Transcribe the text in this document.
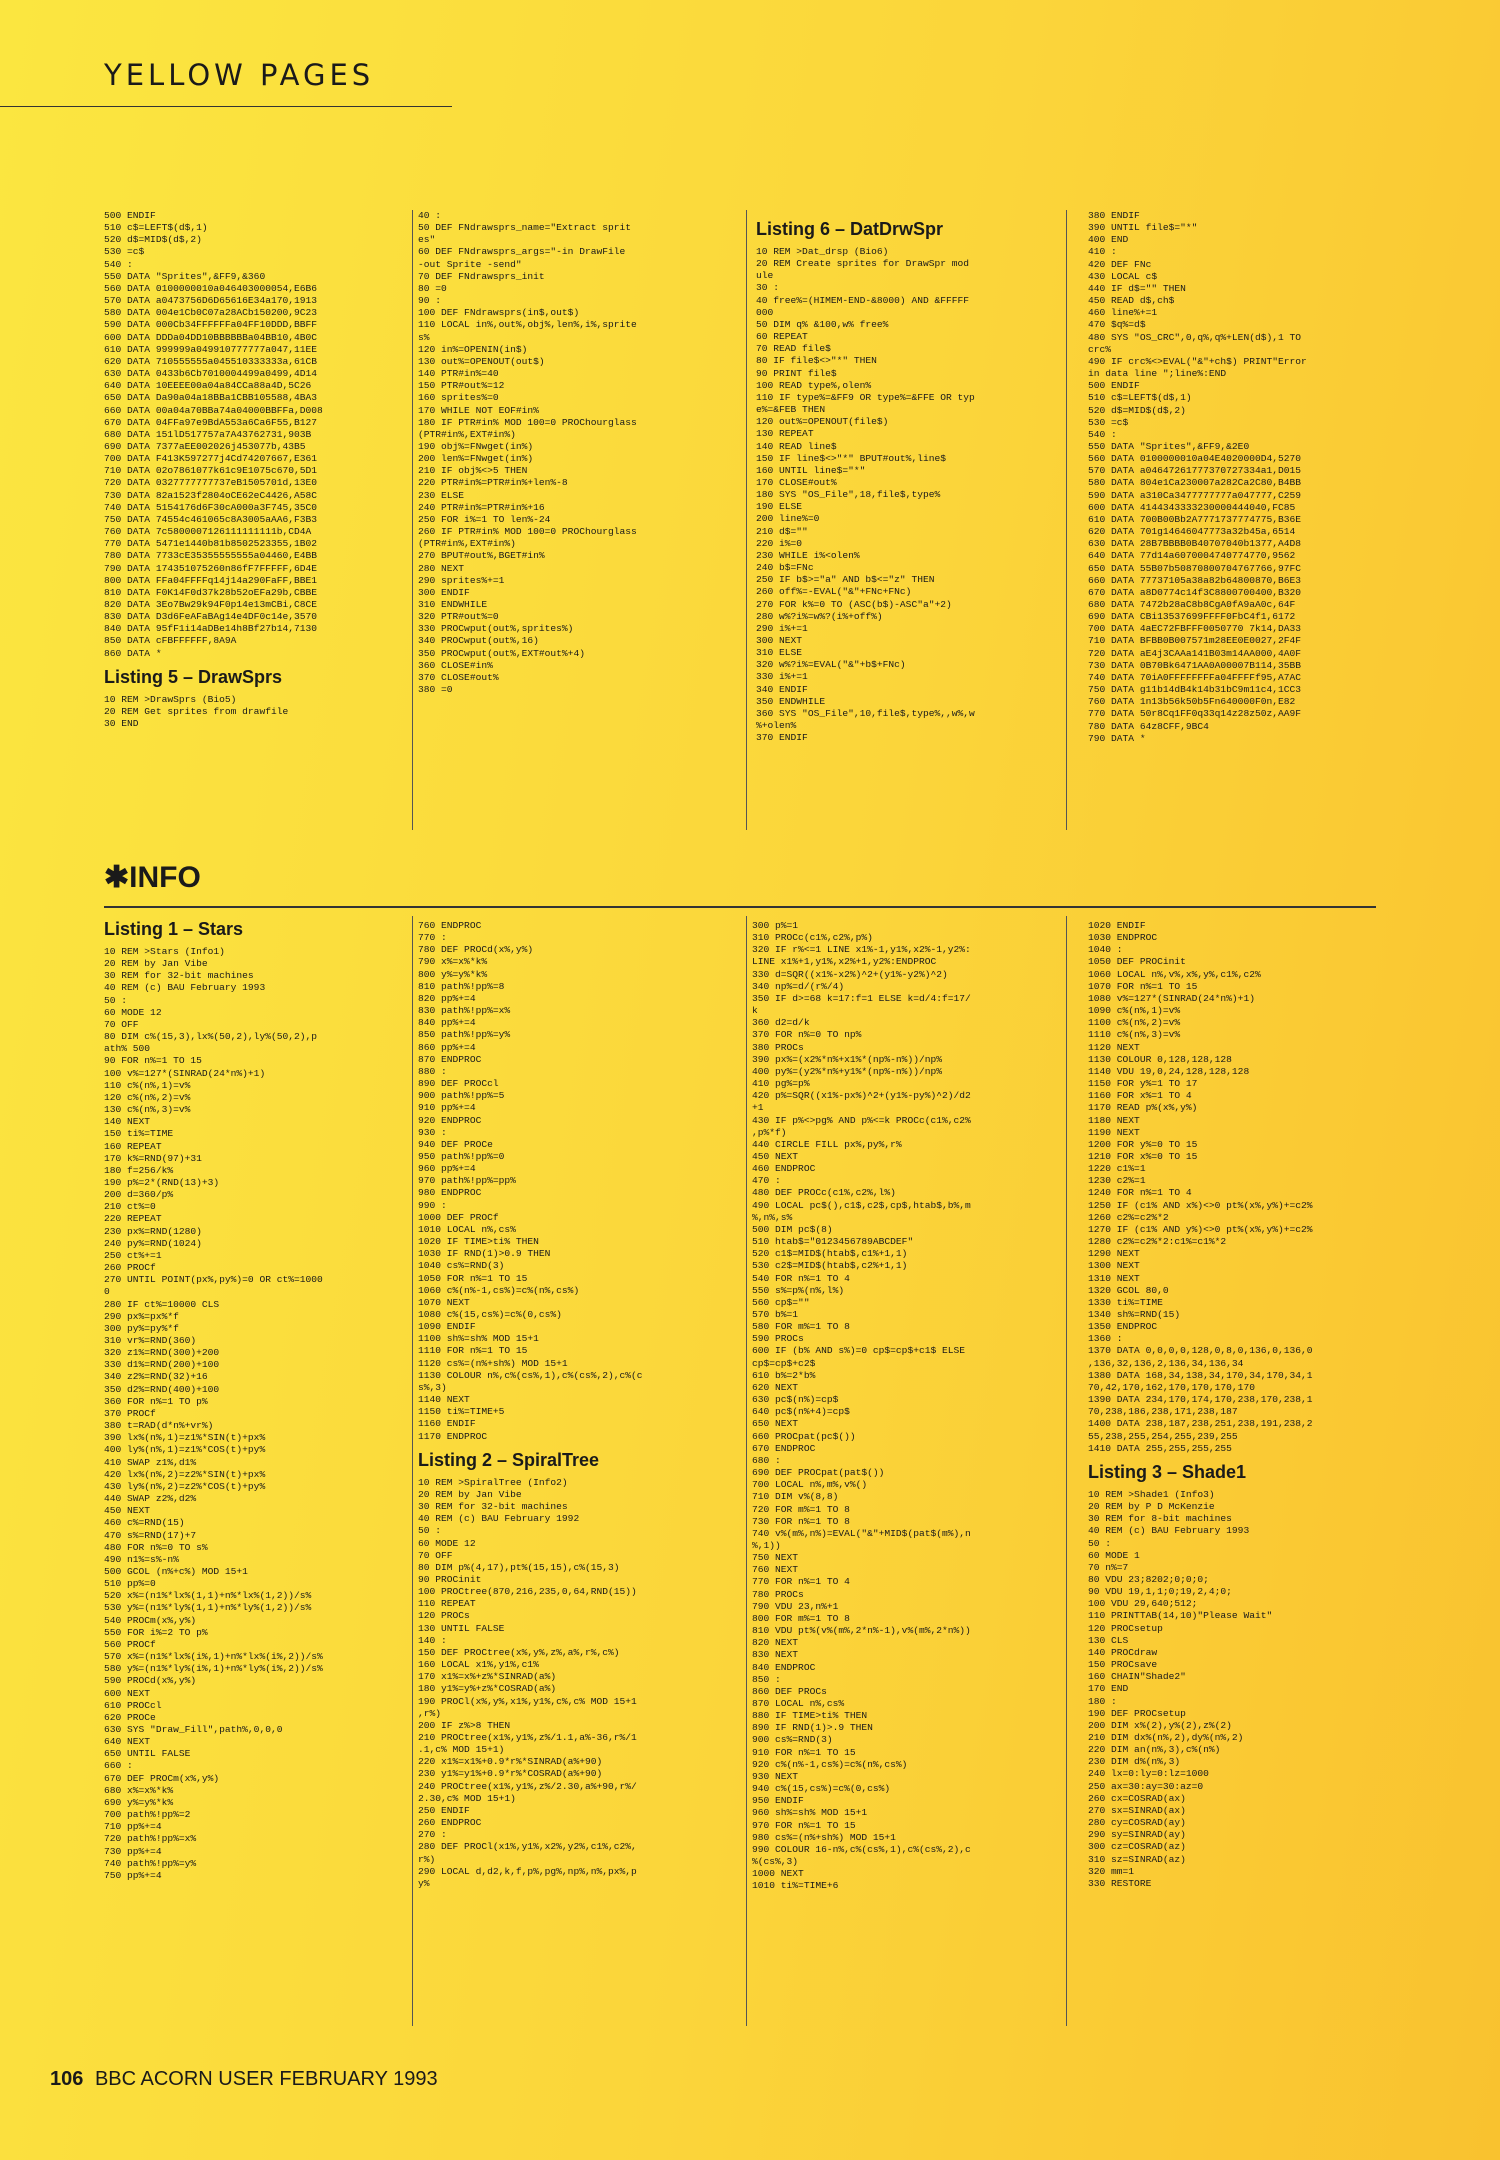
YELLOW PAGES
500 ENDIF
510 c$=LEFT$(d$,1)
520 d$=MID$(d$,2)
530 =c$
540 :
550 DATA "Sprites",&FF9,&360
560 DATA 0100000010a046403000054,E6B6
570 DATA a0473756D6D65616E34a170,1913
580 DATA 004e1Cb0C07a28ACb150200,9C23
590 DATA 000Cb34FFFFFFa04FF10DDD,BBFF
600 DATA DDDa04DD10BBBBBBa04BB10,4B0C
610 DATA 999999a049910777777a047,11EE
620 DATA 710555555a045510333333a,61CB
630 DATA 0433b6Cb7010004499a0499,4D14
640 DATA 10EEEE00a04a84CCa88a4D,5C26
650 DATA Da90a04a18BBa1CBB105588,4BA3
660 DATA 00a04a70BBa74a04000BBFFa,D008
670 DATA 04FFa97e9BdA553a6Ca6F55,B127
680 DATA 151lD517757a7A43762731,903B
690 DATA 7377aEE002026j453077b,43B5
700 DATA F413K597277j4Cd74207667,E361
710 DATA 02o7861077k61c9E1075c670,5D1
720 DATA 0327777777737eB1505701d,13E0
730 DATA 82a1523f2804oCE62eC4426,A58C
740 DATA 5154176d6F30cA000a3F745,35C0
750 DATA 74554c461065c8A3005aAA6,F3B3
760 DATA 7c5800007126111111111b,CD4A
770 DATA 5471e1440b81b8502523355,1B02
780 DATA 7733cE35355555555a04460,E4BB
790 DATA 174351075260n86fF7FFFFF,6D4E
800 DATA FFa04FFFFq14j14a290FaFF,BBE1
810 DATA F0K14F0d37k28b52oEFa29b,CBBE
820 DATA 3Eo7Bw29k94F0p14e13mCBi,C8CE
830 DATA D3d6FeAFaBAg14e4DF0c14e,3570
840 DATA 95fF1i14aDBe14h8Bf27b14,7130
850 DATA cFBFFFFFF,8A9A
860 DATA *
Listing 5 – DrawSprs
10 REM >DrawSprs (Bio5)
20 REM Get sprites from drawfile
30 END
40 :
50 DEF FNdrawsprs_name="Extract sprit
es"
60 DEF FNdrawsprs_args="-in DrawFile
-out Sprite -send"
70 DEF FNdrawsprs_init
80 =0
90 :
100 DEF FNdrawsprs(in$,out$)
110 LOCAL in%,out%,obj%,len%,i%,sprite
s%
120 in%=OPENIN(in$)
130 out%=OPENOUT(out$)
140 PTR#in%=40
150 PTR#out%=12
160 sprites%=0
170 WHILE NOT EOF#in%
180 IF PTR#in% MOD 100=0 PROChourglass
(PTR#in%,EXT#in%)
190 obj%=FNwget(in%)
200 len%=FNwget(in%)
210 IF obj%<>5 THEN
220 PTR#in%=PTR#in%+len%-8
230 ELSE
240 PTR#in%=PTR#in%+16
250 FOR i%=1 TO len%-24
260 IF PTR#in% MOD 100=0 PROChourglass
(PTR#in%,EXT#in%)
270 BPUT#out%,BGET#in%
280 NEXT
290 sprites%+=1
300 ENDIF
310 ENDWHILE
320 PTR#out%=0
330 PROCwput(out%,sprites%)
340 PROCwput(out%,16)
350 PROCwput(out%,EXT#out%+4)
360 CLOSE#in%
370 CLOSE#out%
380 =0
Listing 6 – DatDrwSpr
10 REM >Dat_drsp (Bio6)
20 REM Create sprites for DrawSpr mod
ule
30 :
40 free%=(HIMEM-END-&8000) AND &FFFFF
000
50 DIM q% &100,w% free%
60 REPEAT
70 READ file$
80 IF file$<>"*" THEN
90 PRINT file$
100 READ type%,olen%
110 IF type%=&FF9 OR type%=&FFE OR typ
e%=&FEB THEN
120 out%=OPENOUT(file$)
130 REPEAT
140 READ line$
150 IF line$<>"*" BPUT#out%,line$
160 UNTIL line$="*"
170 CLOSE#out%
180 SYS "OS_File",18,file$,type%
190 ELSE
200 line%=0
210 d$=""
220 i%=0
230 WHILE i%<olen%
240 b$=FNc
250 IF b$>="a" AND b$<="z" THEN
260 off%=-EVAL("&"+FNc+FNc)
270 FOR k%=0 TO (ASC(b$)-ASC"a"+2)
280 w%?i%=w%?(i%+off%)
290 i%+=1
300 NEXT
310 ELSE
320 w%?i%=EVAL("&"+b$+FNc)
330 i%+=1
340 ENDIF
350 ENDWHILE
360 SYS "OS_File",10,file$,type%,,w%,w
%+olen%
370 ENDIF
380 ENDIF
390 UNTIL file$="*"
400 END
410 :
420 DEF FNc
430 LOCAL c$
440 IF d$="" THEN
450 READ d$,ch$
460 line%+=1
470 $q%=d$
480 SYS "OS_CRC",0,q%,q%+LEN(d$),1 TO
crc%
490 IF crc%<>EVAL("&"+ch$) PRINT"Error
in data line ";line%:END
500 ENDIF
510 c$=LEFT$(d$,1)
520 d$=MID$(d$,2)
530 =c$
540 :
550 DATA "Sprites",&FF9,&2E0
560 DATA 0100000010a04E4020000D4,5270
570 DATA a04647261777370727334a1,D015
580 DATA 804e1Ca230007a282Ca2C80,B4BB
590 DATA a310Ca3477777777a047777,C259
600 DATA 4144343333230000444040,FC85
610 DATA 700B00Bb2A7771737774775,B36E
620 DATA 701g14646047773a32b45a,6514
630 DATA 28B7BBBB0B40707040b1377,A4D8
640 DATA 77d14a6070004740774770,9562
650 DATA 55B07b50870800704767766,97FC
660 DATA 77737105a38a82b64800870,B6E3
670 DATA a8D0774c14f3C8800700400,B320
680 DATA 7472b28aC8b8CgA0fA9aA0c,64F
690 DATA CBi13537699FFFF0FbC4f1,6172
700 DATA 4aEC72FBFFF0050770 7k14,DA33
710 DATA BFBB0B007571m28EE0E0027,2F4F
720 DATA aE4j3CAAa141B03m14AA000,4A0F
730 DATA 0B70Bk6471AA0A00007B114,35BB
740 DATA 70iA0FFFFFFFFa04FFFFf95,A7AC
750 DATA g11b14dB4k14b31bC9m11c4,1CC3
760 DATA 1n13b56k50b5Fn640000F0n,E82
770 DATA 50r8Cq1FF0q33q14z28z50z,AA9F
780 DATA 64z8CFF,9BC4
790 DATA *
✱INFO
Listing 1 – Stars
10 REM >Stars (Info1)
20 REM by Jan Vibe
30 REM for 32-bit machines
40 REM (c) BAU February 1993
50 :
60 MODE 12
70 OFF
80 DIM c%(15,3),lx%(50,2),ly%(50,2),p
ath% 500
90 FOR n%=1 TO 15
100 v%=127*(SINRAD(24*n%)+1)
110 c%(n%,1)=v%
120 c%(n%,2)=v%
130 c%(n%,3)=v%
140 NEXT
150 ti%=TIME
160 REPEAT
170 k%=RND(97)+31
180 f=256/k%
190 p%=2*(RND(13)+3)
200 d=360/p%
210 ct%=0
220 REPEAT
230 px%=RND(1280)
240 py%=RND(1024)
250 ct%+=1
260 PROCf
270 UNTIL POINT(px%,py%)=0 OR ct%=1000
0
280 IF ct%=10000 CLS
290 px%=px%*f
300 py%=py%*f
310 vr%=RND(360)
320 z1%=RND(300)+200
330 d1%=RND(200)+100
340 z2%=RND(32)+16
350 d2%=RND(400)+100
360 FOR n%=1 TO p%
370 PROCf
380 t=RAD(d*n%+vr%)
390 lx%(n%,1)=z1%*SIN(t)+px%
400 ly%(n%,1)=z1%*COS(t)+py%
410 SWAP z1%,d1%
420 lx%(n%,2)=z2%*SIN(t)+px%
430 ly%(n%,2)=z2%*COS(t)+py%
440 SWAP z2%,d2%
450 NEXT
460 c%=RND(15)
470 s%=RND(17)+7
480 FOR n%=0 TO s%
490 n1%=s%-n%
500 GCOL (n%+c%) MOD 15+1
510 pp%=0
520 x%=(n1%*lx%(1,1)+n%*lx%(1,2))/s%
530 y%=(n1%*ly%(1,1)+n%*ly%(1,2))/s%
540 PROCm(x%,y%)
550 FOR i%=2 TO p%
560 PROCf
570 x%=(n1%*lx%(i%,1)+n%*lx%(i%,2))/s%
580 y%=(n1%*ly%(i%,1)+n%*ly%(i%,2))/s%
590 PROCd(x%,y%)
600 NEXT
610 PROCcl
620 PROCe
630 SYS "Draw_Fill",path%,0,0,0
640 NEXT
650 UNTIL FALSE
660 :
670 DEF PROCm(x%,y%)
680 x%=x%*k%
690 y%=y%*k%
700 path%!pp%=2
710 pp%+=4
720 path%!pp%=x%
730 pp%+=4
740 path%!pp%=y%
750 pp%+=4
760 ENDPROC
770 :
780 DEF PROCd(x%,y%)
790 x%=x%*k%
800 y%=y%*k%
810 path%!pp%=8
820 pp%+=4
830 path%!pp%=x%
840 pp%+=4
850 path%!pp%=y%
860 pp%+=4
870 ENDPROC
880 :
890 DEF PROCcl
900 path%!pp%=5
910 pp%+=4
920 ENDPROC
930 :
940 DEF PROCe
950 path%!pp%=0
960 pp%+=4
970 path%!pp%=pp%
980 ENDPROC
990 :
1000 DEF PROCf
1010 LOCAL n%,cs%
1020 IF TIME>ti% THEN
1030 IF RND(1)>0.9 THEN
1040 cs%=RND(3)
1050 FOR n%=1 TO 15
1060 c%(n%-1,cs%)=c%(n%,cs%)
1070 NEXT
1080 c%(15,cs%)=c%(0,cs%)
1090 ENDIF
1100 sh%=sh% MOD 15+1
1110 FOR n%=1 TO 15
1120 cs%=(n%+sh%) MOD 15+1
1130 COLOUR n%,c%(cs%,1),c%(cs%,2),c%(c
s%,3)
1140 NEXT
1150 ti%=TIME+5
1160 ENDIF
1170 ENDPROC
Listing 2 – SpiralTree
10 REM >SpiralTree (Info2)
20 REM by Jan Vibe
30 REM for 32-bit machines
40 REM (c) BAU February 1992
50 :
60 MODE 12
70 OFF
80 DIM p%(4,17),pt%(15,15),c%(15,3)
90 PROCinit
100 PROCtree(870,216,235,0,64,RND(15))
110 REPEAT
120 PROCs
130 UNTIL FALSE
140 :
150 DEF PROCtree(x%,y%,z%,a%,r%,c%)
160 LOCAL x1%,y1%,c1%
170 x1%=x%+z%*SINRAD(a%)
180 y1%=y%+z%*COSRAD(a%)
190 PROCl(x%,y%,x1%,y1%,c%,c% MOD 15+1
,r%)
200 IF z%>8 THEN
210 PROCtree(x1%,y1%,z%/1.1,a%-36,r%/1
.1,c% MOD 15+1)
220 x1%=x1%+0.9*r%*SINRAD(a%+90)
230 y1%=y1%+0.9*r%*COSRAD(a%+90)
240 PROCtree(x1%,y1%,z%/2.30,a%+90,r%/
2.30,c% MOD 15+1)
250 ENDIF
260 ENDPROC
270 :
280 DEF PROCl(x1%,y1%,x2%,y2%,c1%,c2%,
r%)
290 LOCAL d,d2,k,f,p%,pg%,np%,n%,px%,p
y%
300 p%=1
310 PROCc(c1%,c2%,p%)
320 IF r%<=1 LINE x1%-1,y1%,x2%-1,y2%:
LINE x1%+1,y1%,x2%+1,y2%:ENDPROC
330 d=SQR((x1%-x2%)^2+(y1%-y2%)^2)
340 np%=d/(r%/4)
350 IF d>=68 k=17:f=1 ELSE k=d/4:f=17/
k
360 d2=d/k
370 FOR n%=0 TO np%
380 PROCs
390 px%=(x2%*n%+x1%*(np%-n%))/np%
400 py%=(y2%*n%+y1%*(np%-n%))/np%
410 pg%=p%
420 p%=SQR((x1%-px%)^2+(y1%-py%)^2)/d2
+1
430 IF p%<>pg% AND p%<=k PROCc(c1%,c2%
,p%*f)
440 CIRCLE FILL px%,py%,r%
450 NEXT
460 ENDPROC
470 :
480 DEF PROCc(c1%,c2%,l%)
490 LOCAL pc$(),c1$,c2$,cp$,htab$,b%,m
%,n%,s%
500 DIM pc$(8)
510 htab$="0123456789ABCDEF"
520 c1$=MID$(htab$,c1%+1,1)
530 c2$=MID$(htab$,c2%+1,1)
540 FOR n%=1 TO 4
550 s%=p%(n%,l%)
560 cp$=""
570 b%=1
580 FOR m%=1 TO 8
590 PROCs
600 IF (b% AND s%)=0 cp$=cp$+c1$ ELSE
cp$=cp$+c2$
610 b%=2*b%
620 NEXT
630 pc$(n%)=cp$
640 pc$(n%+4)=cp$
650 NEXT
660 PROCpat(pc$())
670 ENDPROC
680 :
690 DEF PROCpat(pat$())
700 LOCAL n%,m%,v%()
710 DIM v%(8,8)
720 FOR m%=1 TO 8
730 FOR n%=1 TO 8
740 v%(m%,n%)=EVAL("&"+MID$(pat$(m%),n
%,1))
750 NEXT
760 NEXT
770 FOR n%=1 TO 4
780 PROCs
790 VDU 23,n%+1
800 FOR m%=1 TO 8
810 VDU pt%(v%(m%,2*n%-1),v%(m%,2*n%))
820 NEXT
830 NEXT
840 ENDPROC
850 :
860 DEF PROCs
870 LOCAL n%,cs%
880 IF TIME>ti% THEN
890 IF RND(1)>.9 THEN
900 cs%=RND(3)
910 FOR n%=1 TO 15
920 c%(n%-1,cs%)=c%(n%,cs%)
930 NEXT
940 c%(15,cs%)=c%(0,cs%)
950 ENDIF
960 sh%=sh% MOD 15+1
970 FOR n%=1 TO 15
980 cs%=(n%+sh%) MOD 15+1
990 COLOUR 16-n%,c%(cs%,1),c%(cs%,2),c
%(cs%,3)
1000 NEXT
1010 ti%=TIME+6
1020 ENDIF
1030 ENDPROC
1040 :
1050 DEF PROCinit
1060 LOCAL n%,v%,x%,y%,c1%,c2%
1070 FOR n%=1 TO 15
1080 v%=127*(SINRAD(24*n%)+1)
1090 c%(n%,1)=v%
1100 c%(n%,2)=v%
1110 c%(n%,3)=v%
1120 NEXT
1130 COLOUR 0,128,128,128
1140 VDU 19,0,24,128,128,128
1150 FOR y%=1 TO 17
1160 FOR x%=1 TO 4
1170 READ p%(x%,y%)
1180 NEXT
1190 NEXT
1200 FOR y%=0 TO 15
1210 FOR x%=0 TO 15
1220 c1%=1
1230 c2%=1
1240 FOR n%=1 TO 4
1250 IF (c1% AND x%)<>0 pt%(x%,y%)+=c2%
1260 c2%=c2%*2
1270 IF (c1% AND y%)<>0 pt%(x%,y%)+=c2%
1280 c2%=c2%*2:c1%=c1%*2
1290 NEXT
1300 NEXT
1310 NEXT
1320 GCOL 80,0
1330 ti%=TIME
1340 sh%=RND(15)
1350 ENDPROC
1360 :
1370 DATA 0,0,0,0,128,0,8,0,136,0,136,0
,136,32,136,2,136,34,136,34
1380 DATA 168,34,138,34,170,34,170,34,1
70,42,170,162,170,170,170,170
1390 DATA 234,170,174,170,238,170,238,1
70,238,186,238,171,238,187
1400 DATA 238,187,238,251,238,191,238,2
55,238,255,254,255,239,255
1410 DATA 255,255,255,255
Listing 3 – Shade1
10 REM >Shade1 (Info3)
20 REM by P D McKenzie
30 REM for 8-bit machines
40 REM (c) BAU February 1993
50 :
60 MODE 1
70 n%=7
80 VDU 23;8202;0;0;0;
90 VDU 19,1,1;0;19,2,4;0;
100 VDU 29,640;512;
110 PRINTTAB(14,10)"Please Wait"
120 PROCsetup
130 CLS
140 PROCdraw
150 PROCsave
160 CHAIN"Shade2"
170 END
180 :
190 DEF PROCsetup
200 DIM x%(2),y%(2),z%(2)
210 DIM dx%(n%,2),dy%(n%,2)
220 DIM an(n%,3),c%(n%)
230 DIM d%(n%,3)
240 lx=0:ly=0:lz=1000
250 ax=30:ay=30:az=0
260 cx=COSRAD(ax)
270 sx=SINRAD(ax)
280 cy=COSRAD(ay)
290 sy=SINRAD(ay)
300 cz=COSRAD(az)
310 sz=SINRAD(az)
320 mm=1
330 RESTORE
106 BBC ACORN USER FEBRUARY 1993
